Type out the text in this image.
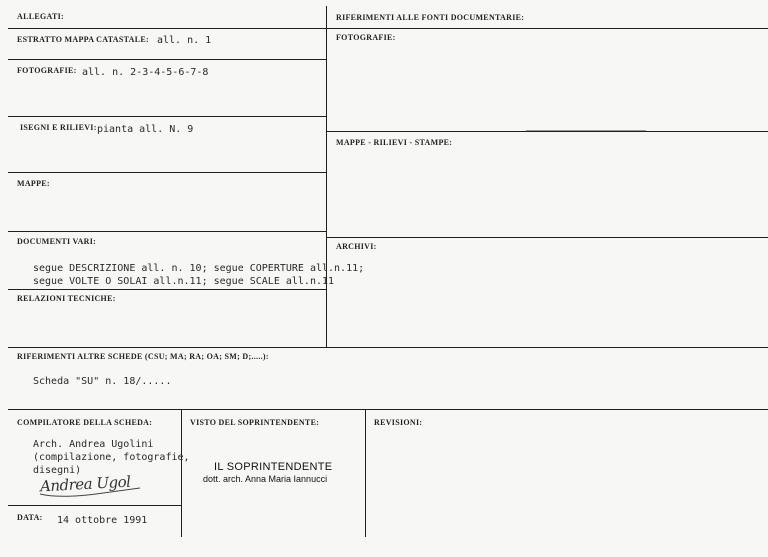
ALLEGATI:
ESTRATTO MAPPA CATASTALE: all. n. 1
FOTOGRAFIE: all. n. 2-3-4-5-6-7-8
ISEGNI E RILIEVI: pianta all. N. 9
MAPPE:
DOCUMENTI VARI:
segue DESCRIZIONE all. n. 10; segue COPERTURE all.n.11;
segue VOLTE O SOLAI all.n.11; segue SCALE all.n.11
RELAZIONI TECNICHE:
RIFERIMENTI ALLE FONTI DOCUMENTARIE:
FOTOGRAFIE:
MAPPE - RILIEVI - STAMPE:
ARCHIVI:
RIFERIMENTI ALTRE SCHEDE (CSU; MA; RA; OA; SM; D;.....):
Scheda "SU" n. 18/.....
COMPILATORE DELLA SCHEDA:
Arch. Andrea Ugolini
(compilazione, fotografie,
disegni)
Andrea Ugol
DATA: 14 ottobre 1991
VISTO DEL SOPRINTENDENTE:
IL SOPRINTENDENTE
dott. arch. Anna Maria Iannucci
REVISIONI:
